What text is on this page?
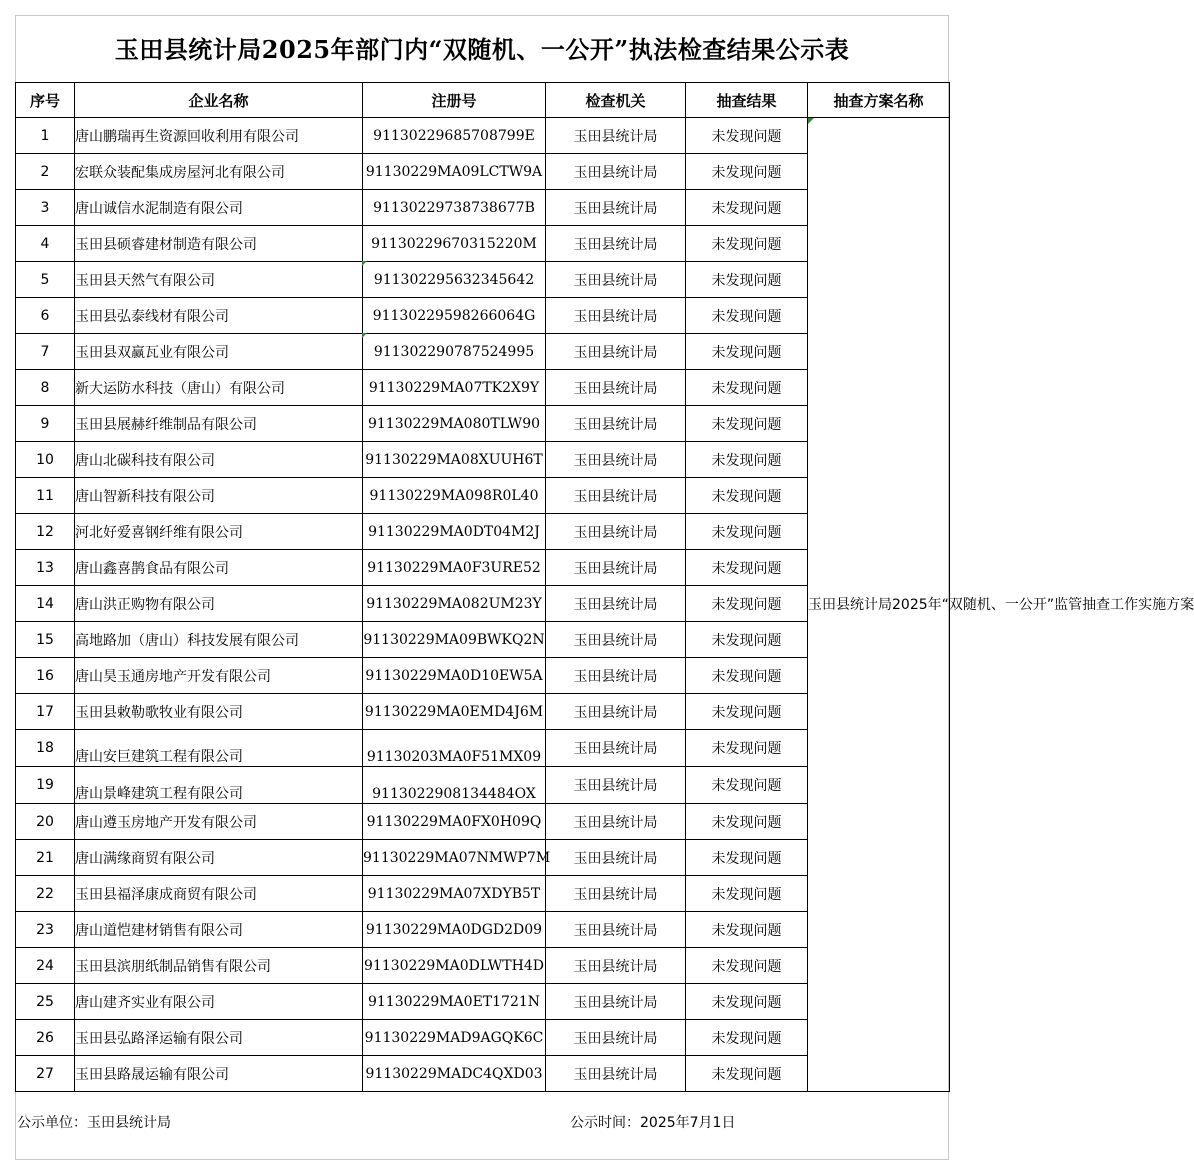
玉田县统计局2025年部门内“双随机、一公开”执法检查结果公示表
序号	企业名称	注册号	检查机关	抽查结果	抽查方案名称
1	唐山鹏瑞再生资源回收利用有限公司	91130229685708799E	玉田县统计局	未发现问题	玉田县统计局2025年“双随机、一公开”监管抽查工作实施方案
2	宏联众装配集成房屋河北有限公司	91130229MA09LCTW9A	玉田县统计局	未发现问题	
3	唐山诚信水泥制造有限公司	91130229738738677B	玉田县统计局	未发现问题	
4	玉田县硕睿建材制造有限公司	91130229670315220M	玉田县统计局	未发现问题	
5	玉田县天然气有限公司	911302295632345642	玉田县统计局	未发现问题	
6	玉田县弘泰线材有限公司	91130229598266064G	玉田县统计局	未发现问题	
7	玉田县双赢瓦业有限公司	911302290787524995	玉田县统计局	未发现问题	
8	新大运防水科技（唐山）有限公司	91130229MA07TK2X9Y	玉田县统计局	未发现问题	
9	玉田县展赫纤维制品有限公司	91130229MA080TLW90	玉田县统计局	未发现问题	
10	唐山北碳科技有限公司	91130229MA08XUUH6T	玉田县统计局	未发现问题	
11	唐山智新科技有限公司	91130229MA098R0L40	玉田县统计局	未发现问题	
12	河北好爱喜钢纤维有限公司	91130229MA0DT04M2J	玉田县统计局	未发现问题	
13	唐山鑫喜鹊食品有限公司	91130229MA0F3URE52	玉田县统计局	未发现问题	
14	唐山洪正购物有限公司	91130229MA082UM23Y	玉田县统计局	未发现问题	
15	高地路加（唐山）科技发展有限公司	91130229MA09BWKQ2N	玉田县统计局	未发现问题	
16	唐山昊玉通房地产开发有限公司	91130229MA0D10EW5A	玉田县统计局	未发现问题	
17	玉田县敕勒歌牧业有限公司	91130229MA0EMD4J6M	玉田县统计局	未发现问题	
18	唐山安巨建筑工程有限公司	91130203MA0F51MX09	玉田县统计局	未发现问题	
19	唐山景峰建筑工程有限公司	9113022908134484OX	玉田县统计局	未发现问题	
20	唐山遵玉房地产开发有限公司	91130229MA0FX0H09Q	玉田县统计局	未发现问题	
21	唐山满缘商贸有限公司	91130229MA07NMWP7M	玉田县统计局	未发现问题	
22	玉田县福泽康成商贸有限公司	91130229MA07XDYB5T	玉田县统计局	未发现问题	
23	唐山道恺建材销售有限公司	91130229MA0DGD2D09	玉田县统计局	未发现问题	
24	玉田县滨朋纸制品销售有限公司	91130229MA0DLWTH4D	玉田县统计局	未发现问题	
25	唐山建齐实业有限公司	91130229MA0ET1721N	玉田县统计局	未发现问题	
26	玉田县弘路泽运输有限公司	91130229MAD9AGQK6C	玉田县统计局	未发现问题	
27	玉田县路晟运输有限公司	91130229MADC4QXD03	玉田县统计局	未发现问题	
公示单位：玉田县统计局	公示时间：2025年7月1日
